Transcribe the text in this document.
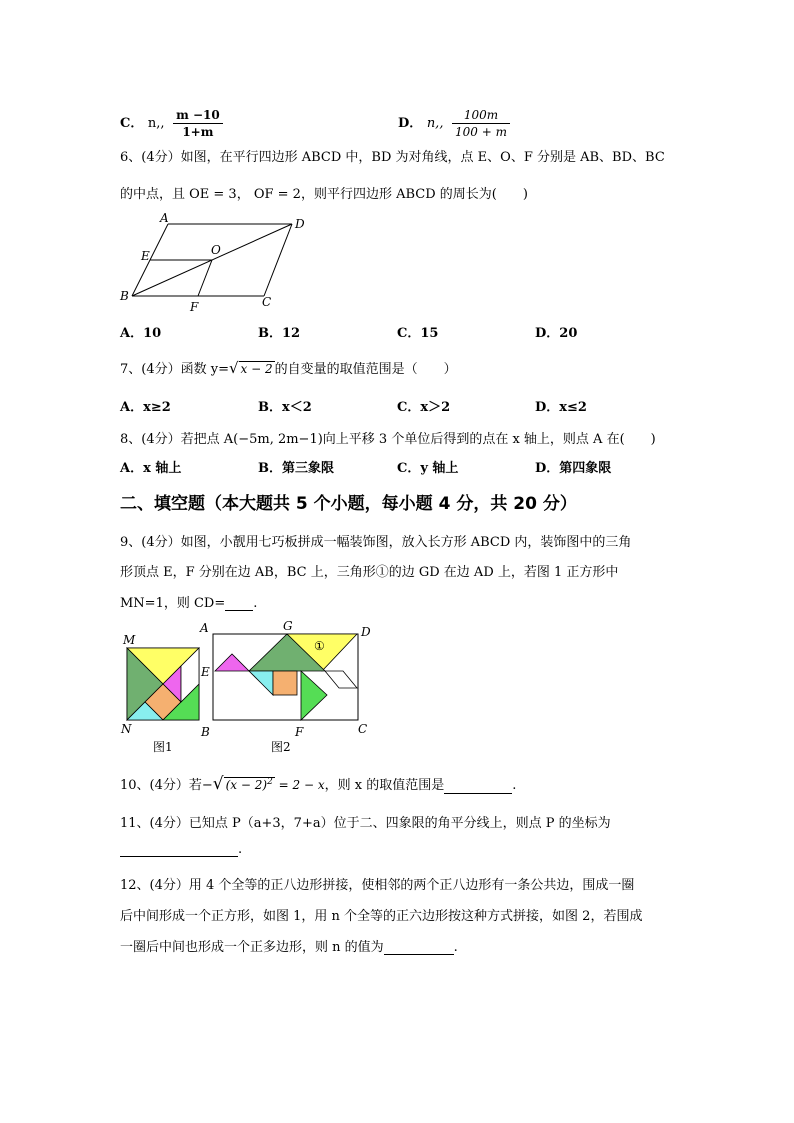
C． n,, $\frac{m -10}{1+m}$	D． n,, $\frac{100m}{100 + m}$
6、(4分）如图，在平行四边形 ABCD 中，BD 为对角线，点 E、O、F 分别是 AB、BD、BC
的中点，且 OE = 3， OF = 2，则平行四边形 ABCD 的周长为(　　)
A	D
E	O
B	C
F
A．10	B．12	C．15	D．20
7、(4分）函数 y=√ x − 2 的自变量的取值范围是（　　）
A．x≥2	B．x＜2	C．x＞2	D．x≤2
8、(4分）若把点 A(−5m, 2m−1)向上平移 3 个单位后得到的点在 x 轴上，则点 A 在(　　)
A．x 轴上	B．第三象限	C．y 轴上	D．第四象限
二、填空题（本大题共 5 个小题，每小题 4 分，共 20 分）
9、(4分）如图，小靓用七巧板拼成一幅装饰图，放入长方形 ABCD 内，装饰图中的三角
形顶点 E，F 分别在边 AB，BC 上，三角形①的边 GD 在边 AD 上，若图 1 正方形中
MN=1，则 CD= .
M
N
图1
A	G	D
E
B	F	C
①
图2
10、(4分）若−√ $(x - 2)^2 = 2 - x$，则 x 的取值范围是	.
11、(4分）已知点 P（a+3，7+a）位于二、四象限的角平分线上，则点 P 的坐标为
.
12、(4分）用 4 个全等的正八边形拼接，使相邻的两个正八边形有一条公共边，围成一圈
后中间形成一个正方形，如图 1，用 n 个全等的正六边形按这种方式拼接，如图 2，若围成
一圈后中间也形成一个正多边形，则 n 的值为	.
